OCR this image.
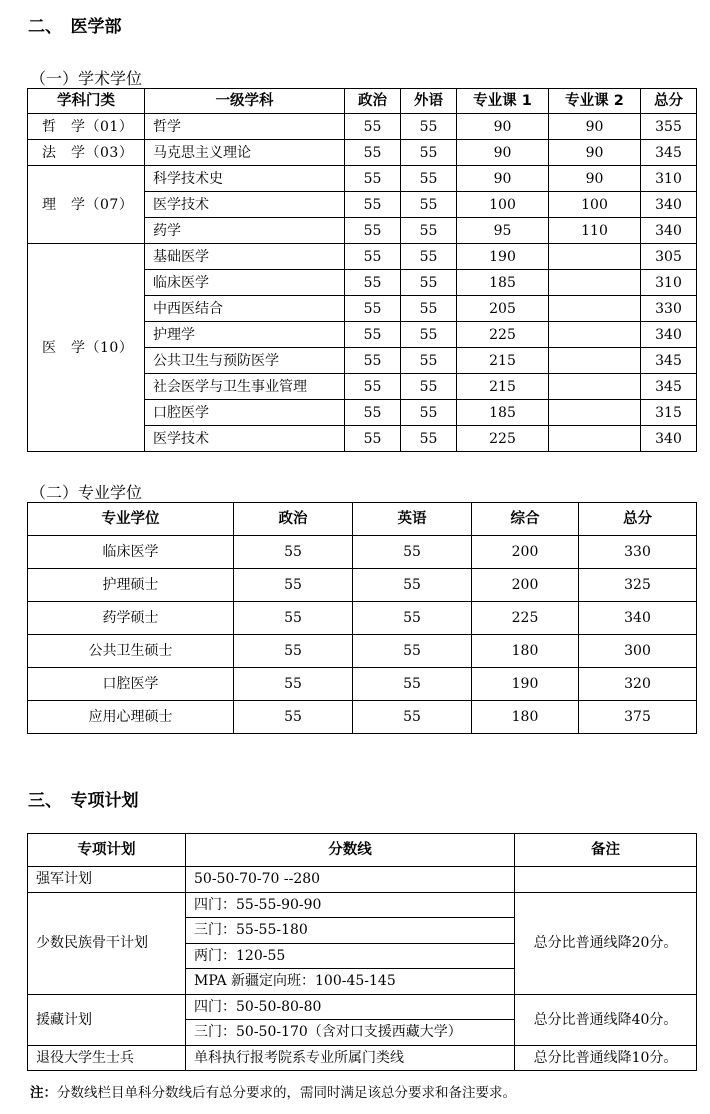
二、　医学部
（一）学术学位
学科门类	一级学科	政治	外语	专业课 1	专业课 2	总分
哲　学（01）	哲学	55	55	90	90	355
法　学（03）	马克思主义理论	55	55	90	90	345
理　学（07）	科学技术史	55	55	90	90	310
	医学技术	55	55	100	100	340
	药学	55	55	95	110	340
医　学（10）	基础医学	55	55	190		305
	临床医学	55	55	185		310
	中西医结合	55	55	205		330
	护理学	55	55	225		340
	公共卫生与预防医学	55	55	215		345
	社会医学与卫生事业管理	55	55	215		345
	口腔医学	55	55	185		315
	医学技术	55	55	225		340
（二）专业学位
专业学位	政治	英语	综合	总分
临床医学	55	55	200	330
护理硕士	55	55	200	325
药学硕士	55	55	225	340
公共卫生硕士	55	55	180	300
口腔医学	55	55	190	320
应用心理硕士	55	55	180	375
三、　专项计划
专项计划	分数线	备注
强军计划	50-50-70-70 --280	
少数民族骨干计划	四门：55-55-90-90	总分比普通线降20分。
	三门：55-55-180	
	两门：120-55	
	MPA 新疆定向班：100-45-145	
援藏计划	四门：50-50-80-80	总分比普通线降40分。
	三门：50-50-170（含对口支援西藏大学）	
退役大学生士兵	单科执行报考院系专业所属门类线	总分比普通线降10分。
注：分数线栏目单科分数线后有总分要求的，需同时满足该总分要求和备注要求。
